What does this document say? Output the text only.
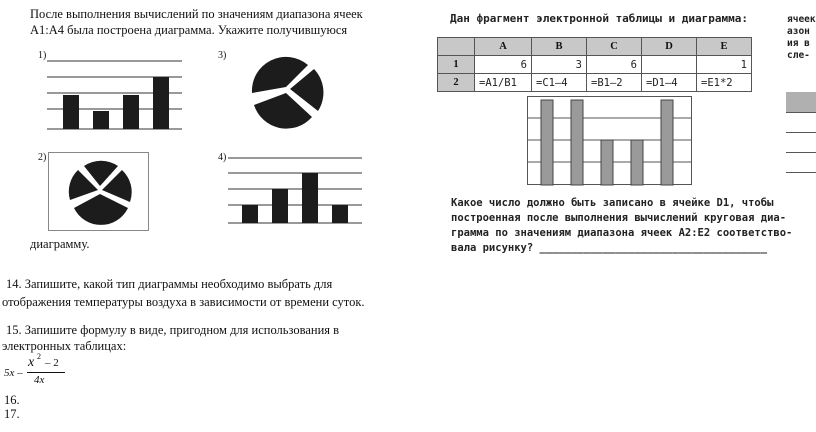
После выполнения вычислений по значениям диапазона ячеек
А1:А4 была построена диаграмма. Укажите получившуюся
1)
2)
3)
4)
диаграмму.
14. Запишите, какой тип диаграммы необходимо выбрать для
отображения температуры воздуха в зависимости от времени суток.
15. Запишите формулу в виде, пригодном для использования в
электронных таблицах:
5x –
x 2
– 2
4x
16.
17.
Дан фрагмент электронной таблицы и диаграмма:
	A	B	C	D	E
1	6	3	6		1
2	=A1/B1	=C1–4	=B1–2	=D1–4	=E1*2
Какое число должно быть записано в ячейке D1, чтобы
построенная после выполнения вычислений круговая диа-
грамма по значениям диапазона ячеек A2:E2 соответство-
вала рисунку? ____________________________________
ячеек
азон
ия в
сле-
